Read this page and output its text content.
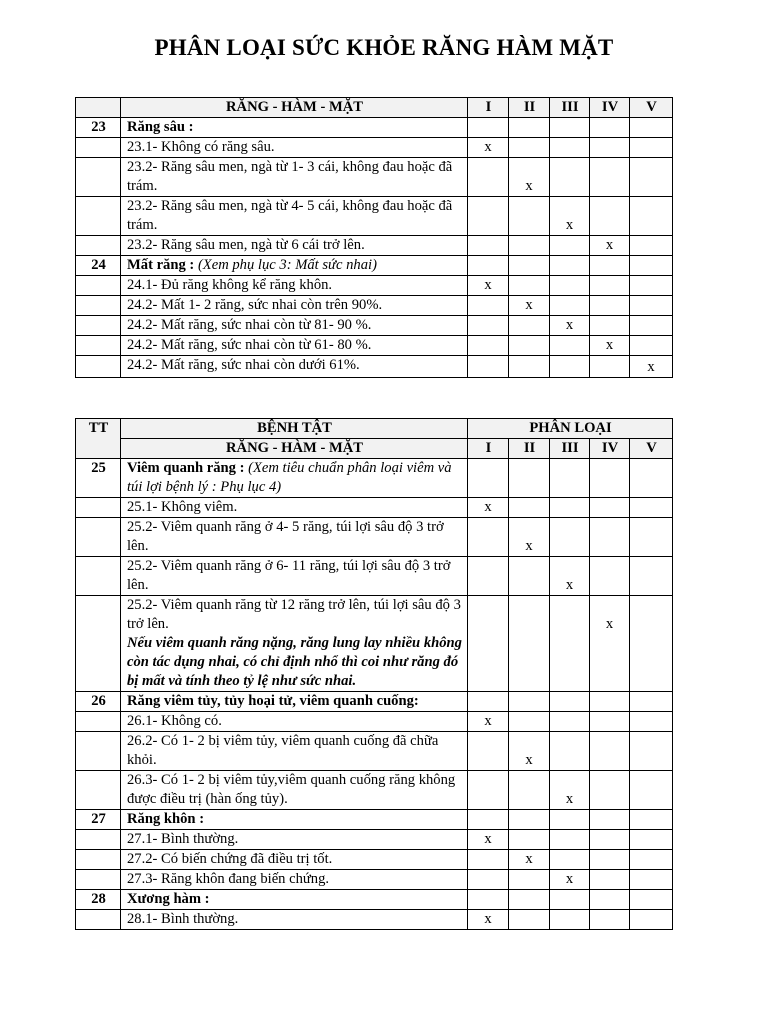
PHÂN LOẠI SỨC KHỎE RĂNG HÀM MẶT
	RĂNG - HÀM - MẶT	I	II	III	IV	V
23	Răng sâu :					
	23.1- Không có răng sâu.	x				

	23.2- Răng sâu men, ngà từ 1- 3 cái, không đau hoặc đã trám.		x			

	23.2- Răng sâu men, ngà từ 4- 5 cái, không đau hoặc đã trám.			x		

	23.2- Răng sâu men, ngà từ 6 cái trở lên.				x	

24	Mất răng : (Xem phụ lục 3: Mất sức nhai)					
	24.1- Đủ răng không kể răng khôn.	x				

	24.2- Mất 1- 2 răng, sức nhai còn trên 90%.		x			

	24.2- Mất răng, sức nhai còn từ 81- 90 %.			x		

	24.2- Mất răng, sức nhai còn từ 61- 80 %.				x	

	24.2- Mất răng, sức nhai còn dưới 61%.					x
TT	BỆNH TẬT	PHÂN LOẠI				
	RĂNG - HÀM - MẶT	I	II	III	IV	V
25	Viêm quanh răng : (Xem tiêu chuẩn phân loại viêm và túi lợi bệnh lý : Phụ lục 4)					
	25.1- Không viêm.	x				

	25.2- Viêm quanh răng ở 4- 5 răng, túi lợi sâu độ 3 trở lên.		x			

	25.2- Viêm quanh răng ở 6- 11 răng, túi lợi sâu độ 3 trở lên.			x		

	25.2- Viêm quanh răng từ 12 răng trở lên, túi lợi sâu độ 3 trở lên.
Nếu viêm quanh răng nặng, răng lung lay nhiều không còn tác dụng nhai, có chỉ định nhổ thì coi như răng đó bị mất và tính theo tỷ lệ như sức nhai.				x	

26	Răng viêm tủy, tủy hoại tử, viêm quanh cuống:					
	26.1- Không có.	x				

	26.2- Có 1- 2 bị viêm tủy, viêm quanh cuống đã chữa khỏi.		x			

	26.3- Có 1- 2 bị viêm tủy,viêm quanh cuống răng không được điều trị (hàn ống tủy).			x		

27	Răng khôn :					
	27.1- Bình thường.	x				

	27.2- Có biến chứng đã điều trị tốt.		x			

	27.3- Răng khôn đang biến chứng.			x		

28	Xương hàm :					
	28.1- Bình thường.	x				
